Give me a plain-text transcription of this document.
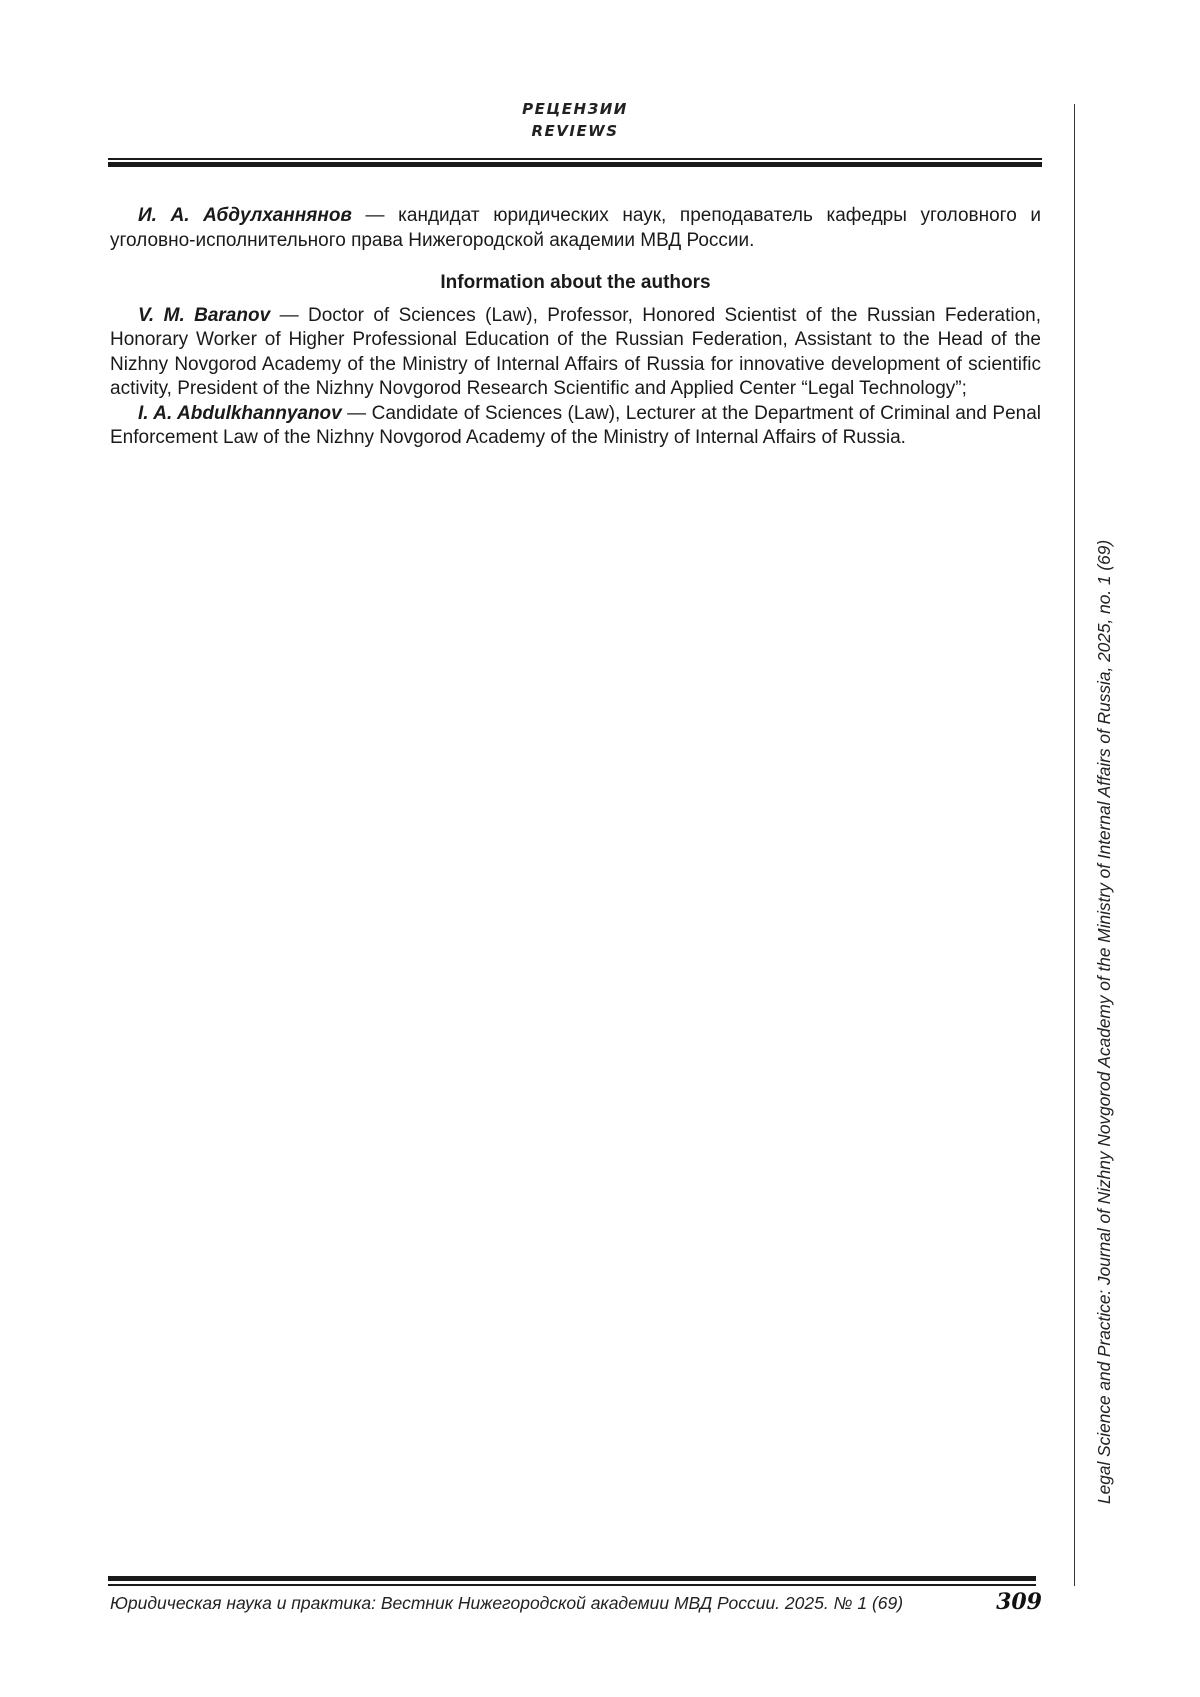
РЕЦЕНЗИИ
REVIEWS

И. А. Абдулханнянов — кандидат юридических наук, преподаватель кафедры уголовного и уголовно-исполнительного права Нижегородской академии МВД России.

Information about the authors

V. M. Baranov — Doctor of Sciences (Law), Professor, Honored Scientist of the Russian Federation, Honorary Worker of Higher Professional Education of the Russian Federation, Assistant to the Head of the Nizhny Novgorod Academy of the Ministry of Internal Affairs of Russia for innovative development of scientific activity, President of the Nizhny Novgorod Research Scientific and Applied Center “Legal Technology”;

I. A. Abdulkhannyanov — Candidate of Sciences (Law), Lecturer at the Department of Criminal and Penal Enforcement Law of the Nizhny Novgorod Academy of the Ministry of Internal Affairs of Russia.

Legal Science and Practice: Journal of Nizhny Novgorod Academy of the Ministry of Internal Affairs of Russia, 2025, no. 1 (69)
Юридическая наука и практика: Вестник Нижегородской академии МВД России. 2025. № 1 (69)	309
